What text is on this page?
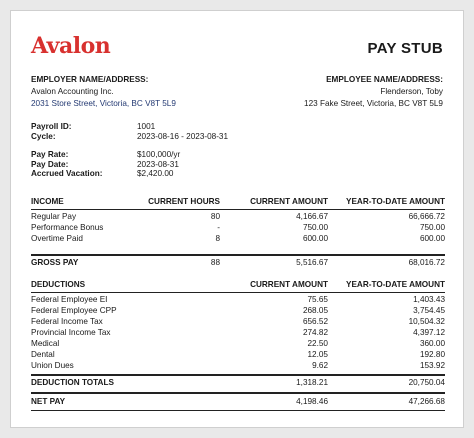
Avalon	PAY STUB
EMPLOYER NAME/ADDRESS:
Avalon Accounting Inc.
2031 Store Street, Victoria, BC V8T 5L9
EMPLOYEE NAME/ADDRESS:
Flenderson, Toby
123 Fake Street, Victoria, BC V8T 5L9
Payroll ID:	1001
Cycle:	2023-08-16 - 2023-08-31
Pay Rate:	$100,000/yr
Pay Date:	2023-08-31
Accrued Vacation:	$2,420.00
INCOME	CURRENT HOURS	CURRENT AMOUNT	YEAR-TO-DATE AMOUNT
Regular Pay	80	4,166.67	66,666.72
Performance Bonus	-	750.00	750.00
Overtime Paid	8	600.00	600.00
GROSS PAY	88	5,516.67	68,016.72
DEDUCTIONS	CURRENT AMOUNT	YEAR-TO-DATE AMOUNT
Federal Employee EI	75.65	1,403.43
Federal Employee CPP	268.05	3,754.45
Federal Income Tax	656.52	10,504.32
Provincial Income Tax	274.82	4,397.12
Medical	22.50	360.00
Dental	12.05	192.80
Union Dues	9.62	153.92
DEDUCTION TOTALS	1,318.21	20,750.04
NET PAY	4,198.46	47,266.68
